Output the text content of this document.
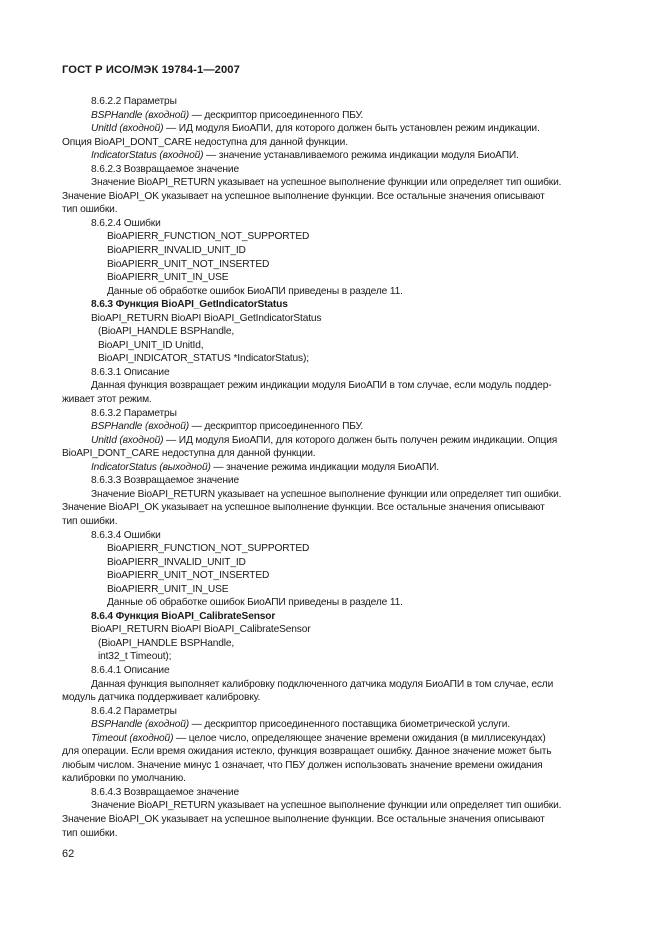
ГОСТ Р ИСО/МЭК 19784-1—2007
8.6.2.2 Параметры
BSPHandle (входной) — дескриптор присоединенного ПБУ.
UnitId (входной) — ИД модуля БиоАПИ, для которого должен быть установлен режим индикации.
Опция BioAPI_DONT_CARE недоступна для данной функции.
IndicatorStatus (входной) — значение устанавливаемого режима индикации модуля БиоАПИ.
8.6.2.3 Возвращаемое значение
Значение BioAPI_RETURN указывает на успешное выполнение функции или определяет тип ошибки.
Значение BioAPI_OK указывает на успешное выполнение функции. Все остальные значения описывают
тип ошибки.
8.6.2.4 Ошибки
BioAPIERR_FUNCTION_NOT_SUPPORTED
BioAPIERR_INVALID_UNIT_ID
BioAPIERR_UNIT_NOT_INSERTED
BioAPIERR_UNIT_IN_USE
Данные об обработке ошибок БиоАПИ приведены в разделе 11.
8.6.3 Функция BioAPI_GetIndicatorStatus
BioAPI_RETURN BioAPI BioAPI_GetIndicatorStatus
(BioAPI_HANDLE BSPHandle,
BioAPI_UNIT_ID UnitId,
BioAPI_INDICATOR_STATUS *IndicatorStatus);
8.6.3.1 Описание
Данная функция возвращает режим индикации модуля БиоАПИ в том случае, если модуль поддер-
живает этот режим.
8.6.3.2 Параметры
BSPHandle (входной) — дескриптор присоединенного ПБУ.
UnitId (входной) — ИД модуля БиоАПИ, для которого должен быть получен режим индикации. Опция
BioAPI_DONT_CARE недоступна для данной функции.
IndicatorStatus (выходной) — значение режима индикации модуля БиоАПИ.
8.6.3.3 Возвращаемое значение
Значение BioAPI_RETURN указывает на успешное выполнение функции или определяет тип ошибки.
Значение BioAPI_OK указывает на успешное выполнение функции. Все остальные значения описывают
тип ошибки.
8.6.3.4 Ошибки
BioAPIERR_FUNCTION_NOT_SUPPORTED
BioAPIERR_INVALID_UNIT_ID
BioAPIERR_UNIT_NOT_INSERTED
BioAPIERR_UNIT_IN_USE
Данные об обработке ошибок БиоАПИ приведены в разделе 11.
8.6.4 Функция BioAPI_CalibrateSensor
BioAPI_RETURN BioAPI BioAPI_CalibrateSensor
(BioAPI_HANDLE BSPHandle,
int32_t Timeout);
8.6.4.1 Описание
Данная функция выполняет калибровку подключенного датчика модуля БиоАПИ в том случае, если
модуль датчика поддерживает калибровку.
8.6.4.2 Параметры
BSPHandle (входной) — дескриптор присоединенного поставщика биометрической услуги.
Timeout (входной) — целое число, определяющее значение времени ожидания (в миллисекундах)
для операции. Если время ожидания истекло, функция возвращает ошибку. Данное значение может быть
любым числом. Значение минус 1 означает, что ПБУ должен использовать значение времени ожидания
калибровки по умолчанию.
8.6.4.3 Возвращаемое значение
Значение BioAPI_RETURN указывает на успешное выполнение функции или определяет тип ошибки.
Значение BioAPI_OK указывает на успешное выполнение функции. Все остальные значения описывают
тип ошибки.
62
